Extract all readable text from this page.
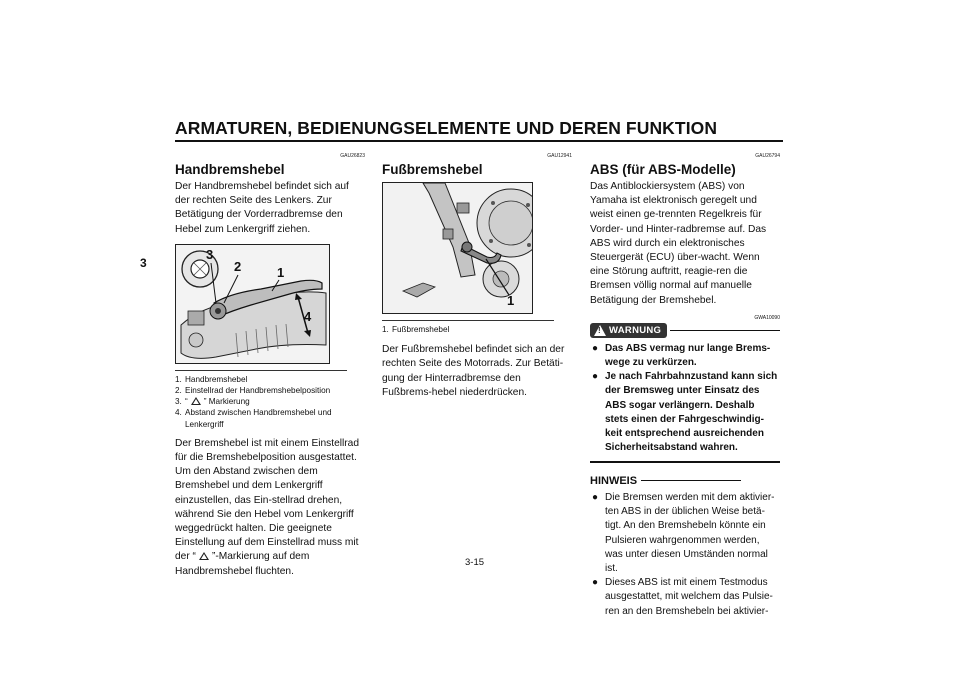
ARMATUREN, BEDIENUNGSELEMENTE UND DEREN FUNKTION
3
GAU26823
Handbremshebel

Der Handbremshebel befindet sich auf der rechten Seite des Lenkers. Zur Betätigung der Vorderradbremse den Hebel zum Lenkergriff ziehen.

3
2	1
4
1. Handbremshebel
2. Einstellrad der Handbremshebelposition
3. “ ” Markierung
4. Abstand zwischen Handbremshebel und Lenkergriff

Der Bremshebel ist mit einem Einstellrad für die Bremshebelposition ausgestattet. Um den Abstand zwischen dem Bremshebel und dem Lenkergriff einzustellen, das Ein-stellrad drehen, während Sie den Hebel vom Lenkergriff weggedrückt halten. Die geeignete Einstellung auf dem Einstellrad muss mit der “ ”-Markierung auf dem Handbremshebel fluchten.

GAU12941
Fußbremshebel
1
1. Fußbremshebel

Der Fußbremshebel befindet sich an der rechten Seite des Motorrads. Zur Betäti-gung der Hinterradbremse den Fußbrems-hebel niederdrücken.

GAU26794
ABS (für ABS-Modelle)

Das Antiblockiersystem (ABS) von Yamaha ist elektronisch geregelt und weist einen ge-trennten Regelkreis für Vorder- und Hinter-radbremse auf. Das ABS wird durch ein elektronisches Steuergerät (ECU) über-wacht. Wenn eine Störung auftritt, reagie-ren die Bremsen völlig normal auf manuelle Betätigung der Bremshebel.

GWA10090
!
WARNUNG
● Das ABS vermag nur lange Brems-wege zu verkürzen.
● Je nach Fahrbahnzustand kann sich der Bremsweg unter Einsatz des ABS sogar verlängern. Deshalb stets einen der Fahrgeschwindig-keit entsprechend ausreichenden Sicherheitsabstand wahren.
HINWEIS
● Die Bremsen werden mit dem aktivier-ten ABS in der üblichen Weise betä-tigt. An den Bremshebeln könnte ein Pulsieren wahrgenommen werden, was unter diesen Umständen normal ist.
● Dieses ABS ist mit einem Testmodus ausgestattet, mit welchem das Pulsie-ren an den Bremshebeln bei aktivier-
3-15
